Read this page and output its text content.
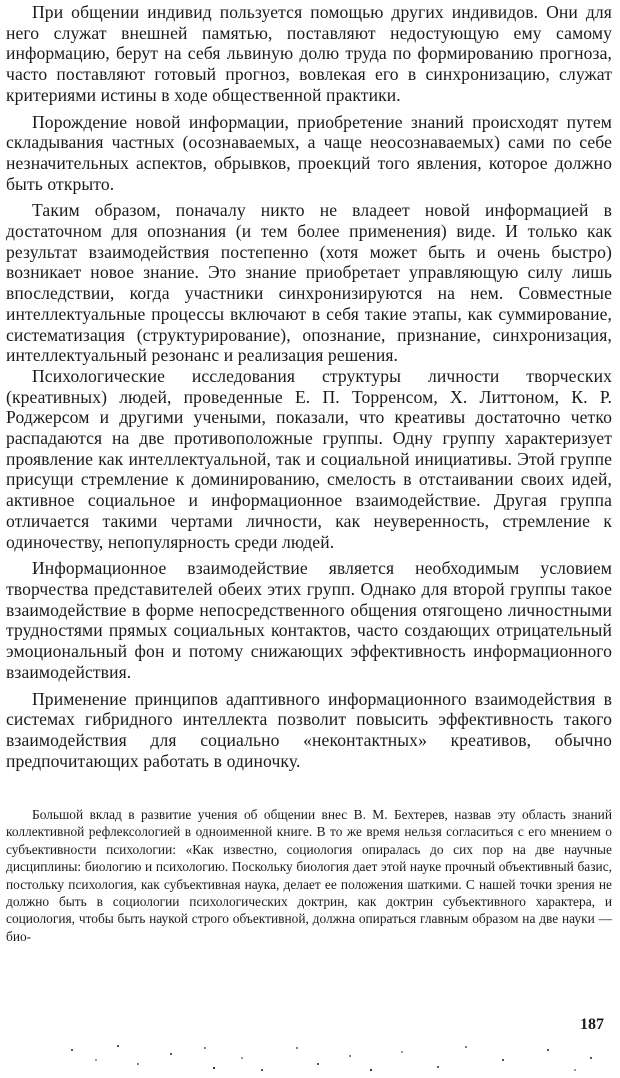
При общении индивид пользуется помощью других индивидов. Они для него служат внешней памятью, поставляют недостующую ему самому информацию, берут на себя львиную долю труда по формированию прогноза, часто поставляют готовый прогноз, вовлекая его в синхронизацию, служат критериями истины в ходе общественной практики.

Порождение новой информации, приобретение знаний происходят путем складывания частных (осознаваемых, а чаще неосознаваемых) сами по себе незначительных аспектов, обрывков, проекций того явления, которое должно быть открыто.

Таким образом, поначалу никто не владеет новой информацией в достаточном для опознания (и тем более применения) виде. И только как результат взаимодействия постепенно (хотя может быть и очень быстро) возникает новое знание. Это знание приобретает управляющую силу лишь впоследствии, когда участники синхронизируются на нем. Совместные интеллектуальные процессы включают в себя такие этапы, как суммирование, систематизация (структурирование), опознание, признание, синхронизация, интеллектуальный резонанс и реализация решения.

Психологические исследования структуры личности творческих (креативных) людей, проведенные Е. П. Торренсом, Х. Литтоном, К. Р. Роджерсом и другими учеными, показали, что креативы достаточно четко распадаются на две противоположные группы. Одну группу характеризует проявление как интеллектуальной, так и социальной инициативы. Этой группе присущи стремление к доминированию, смелость в отстаивании своих идей, активное социальное и информационное взаимодействие. Другая группа отличается такими чертами личности, как неуверенность, стремление к одиночеству, непопулярность среди людей.

Информационное взаимодействие является необходимым условием творчества представителей обеих этих групп. Однако для второй группы такое взаимодействие в форме непосредственного общения отягощено личностными трудностями прямых социальных контактов, часто создающих отрицательный эмоциональный фон и потому снижающих эффективность информационного взаимодействия.

Применение принципов адаптивного информационного взаимодействия в системах гибридного интеллекта позволит повысить эффективность такого взаимодействия для социально «неконтактных» креативов, обычно предпочитающих работать в одиночку.

Большой вклад в развитие учения об общении внес В. М. Бехтерев, назвав эту область знаний коллективной рефлексологией в одноименной книге. В то же время нельзя согласиться с его мнением о субъективности психологии: «Как известно, социология опиралась до сих пор на две научные дисциплины: биологию и психологию. Поскольку биология дает этой науке прочный объективный базис, постольку психология, как субъективная наука, делает ее положения шаткими. С нашей точки зрения не должно быть в социологии психологических доктрин, как доктрин субъективного характера, и социология, чтобы быть наукой строго объективной, должна опираться главным образом на две науки — био-

187
